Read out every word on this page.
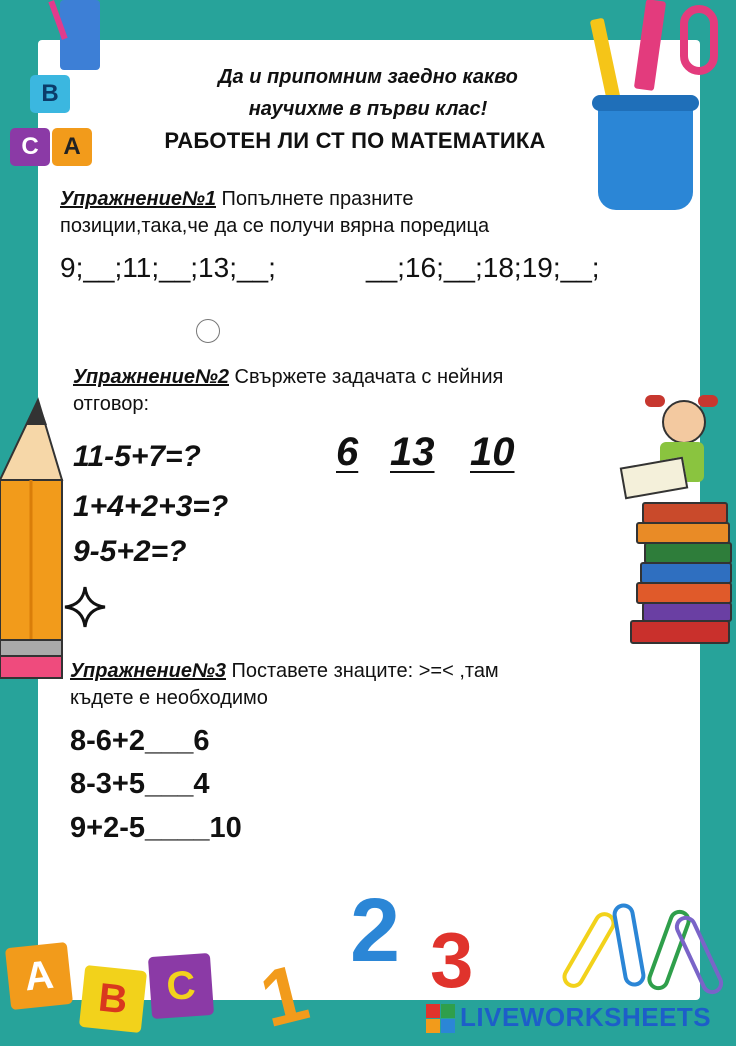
B
C	A
Да и припомним заедно какво
научихме в първи клас!
РАБОТЕН ЛИ СТ ПО МАТЕМАТИКА
Упражнение№1 Попълнете празните
позиции,така,че да се получи вярна поредица
9;__;11;__;13;__;	__;16;__;18;19;__;
Упражнение№2 Свържете задачата с нейния
отговор:
11-5+7=?
1+4+2+3=?
9-5+2=?
6 13 10
Упражнение№3 Поставете знаците: >=< ,там
къдете е необходимо
8-6+2___6
8-3+5___4
9+2-5____10
A	B C 1
2 3
LIVEWORKSHEETS
